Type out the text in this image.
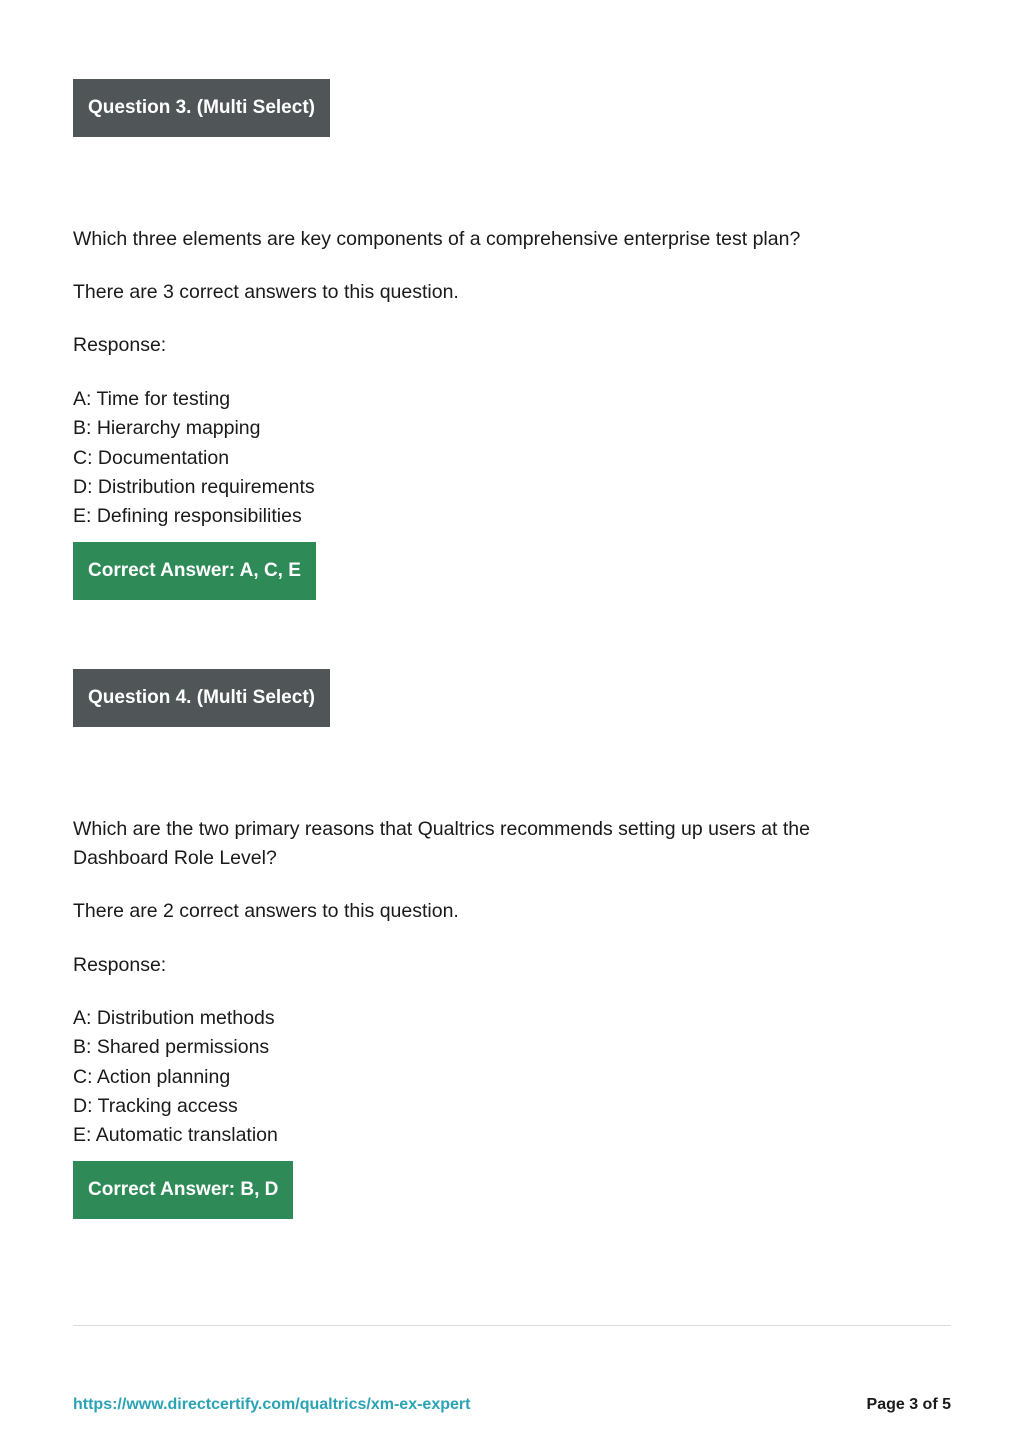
Question 3. (Multi Select)

Which three elements are key components of a comprehensive enterprise test plan?

There are 3 correct answers to this question.

Response:

A: Time for testing
B: Hierarchy mapping
C: Documentation
D: Distribution requirements
E: Defining responsibilities
Correct Answer: A, C, E
Question 4. (Multi Select)

Which are the two primary reasons that Qualtrics recommends setting up users at the

Dashboard Role Level?

There are 2 correct answers to this question.

Response:

A: Distribution methods
B: Shared permissions
C: Action planning
D: Tracking access
E: Automatic translation
Correct Answer: B, D
https://www.directcertify.com/qualtrics/xm-ex-expert	Page 3 of 5
